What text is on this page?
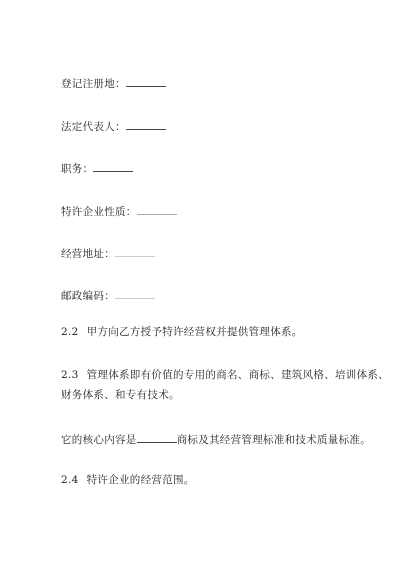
登记注册地：
法定代表人：
职务：
特许企业性质：
经营地址：
邮政编码：
2.2 甲方向乙方授予特许经营权并提供管理体系。
2.3 管理体系即有价值的专用的商名、商标、建筑风格、培训体系、
财务体系、和专有技术。
它的核心内容是	商标及其经营管理标准和技术质量标准。
2.4 特许企业的经营范围。
